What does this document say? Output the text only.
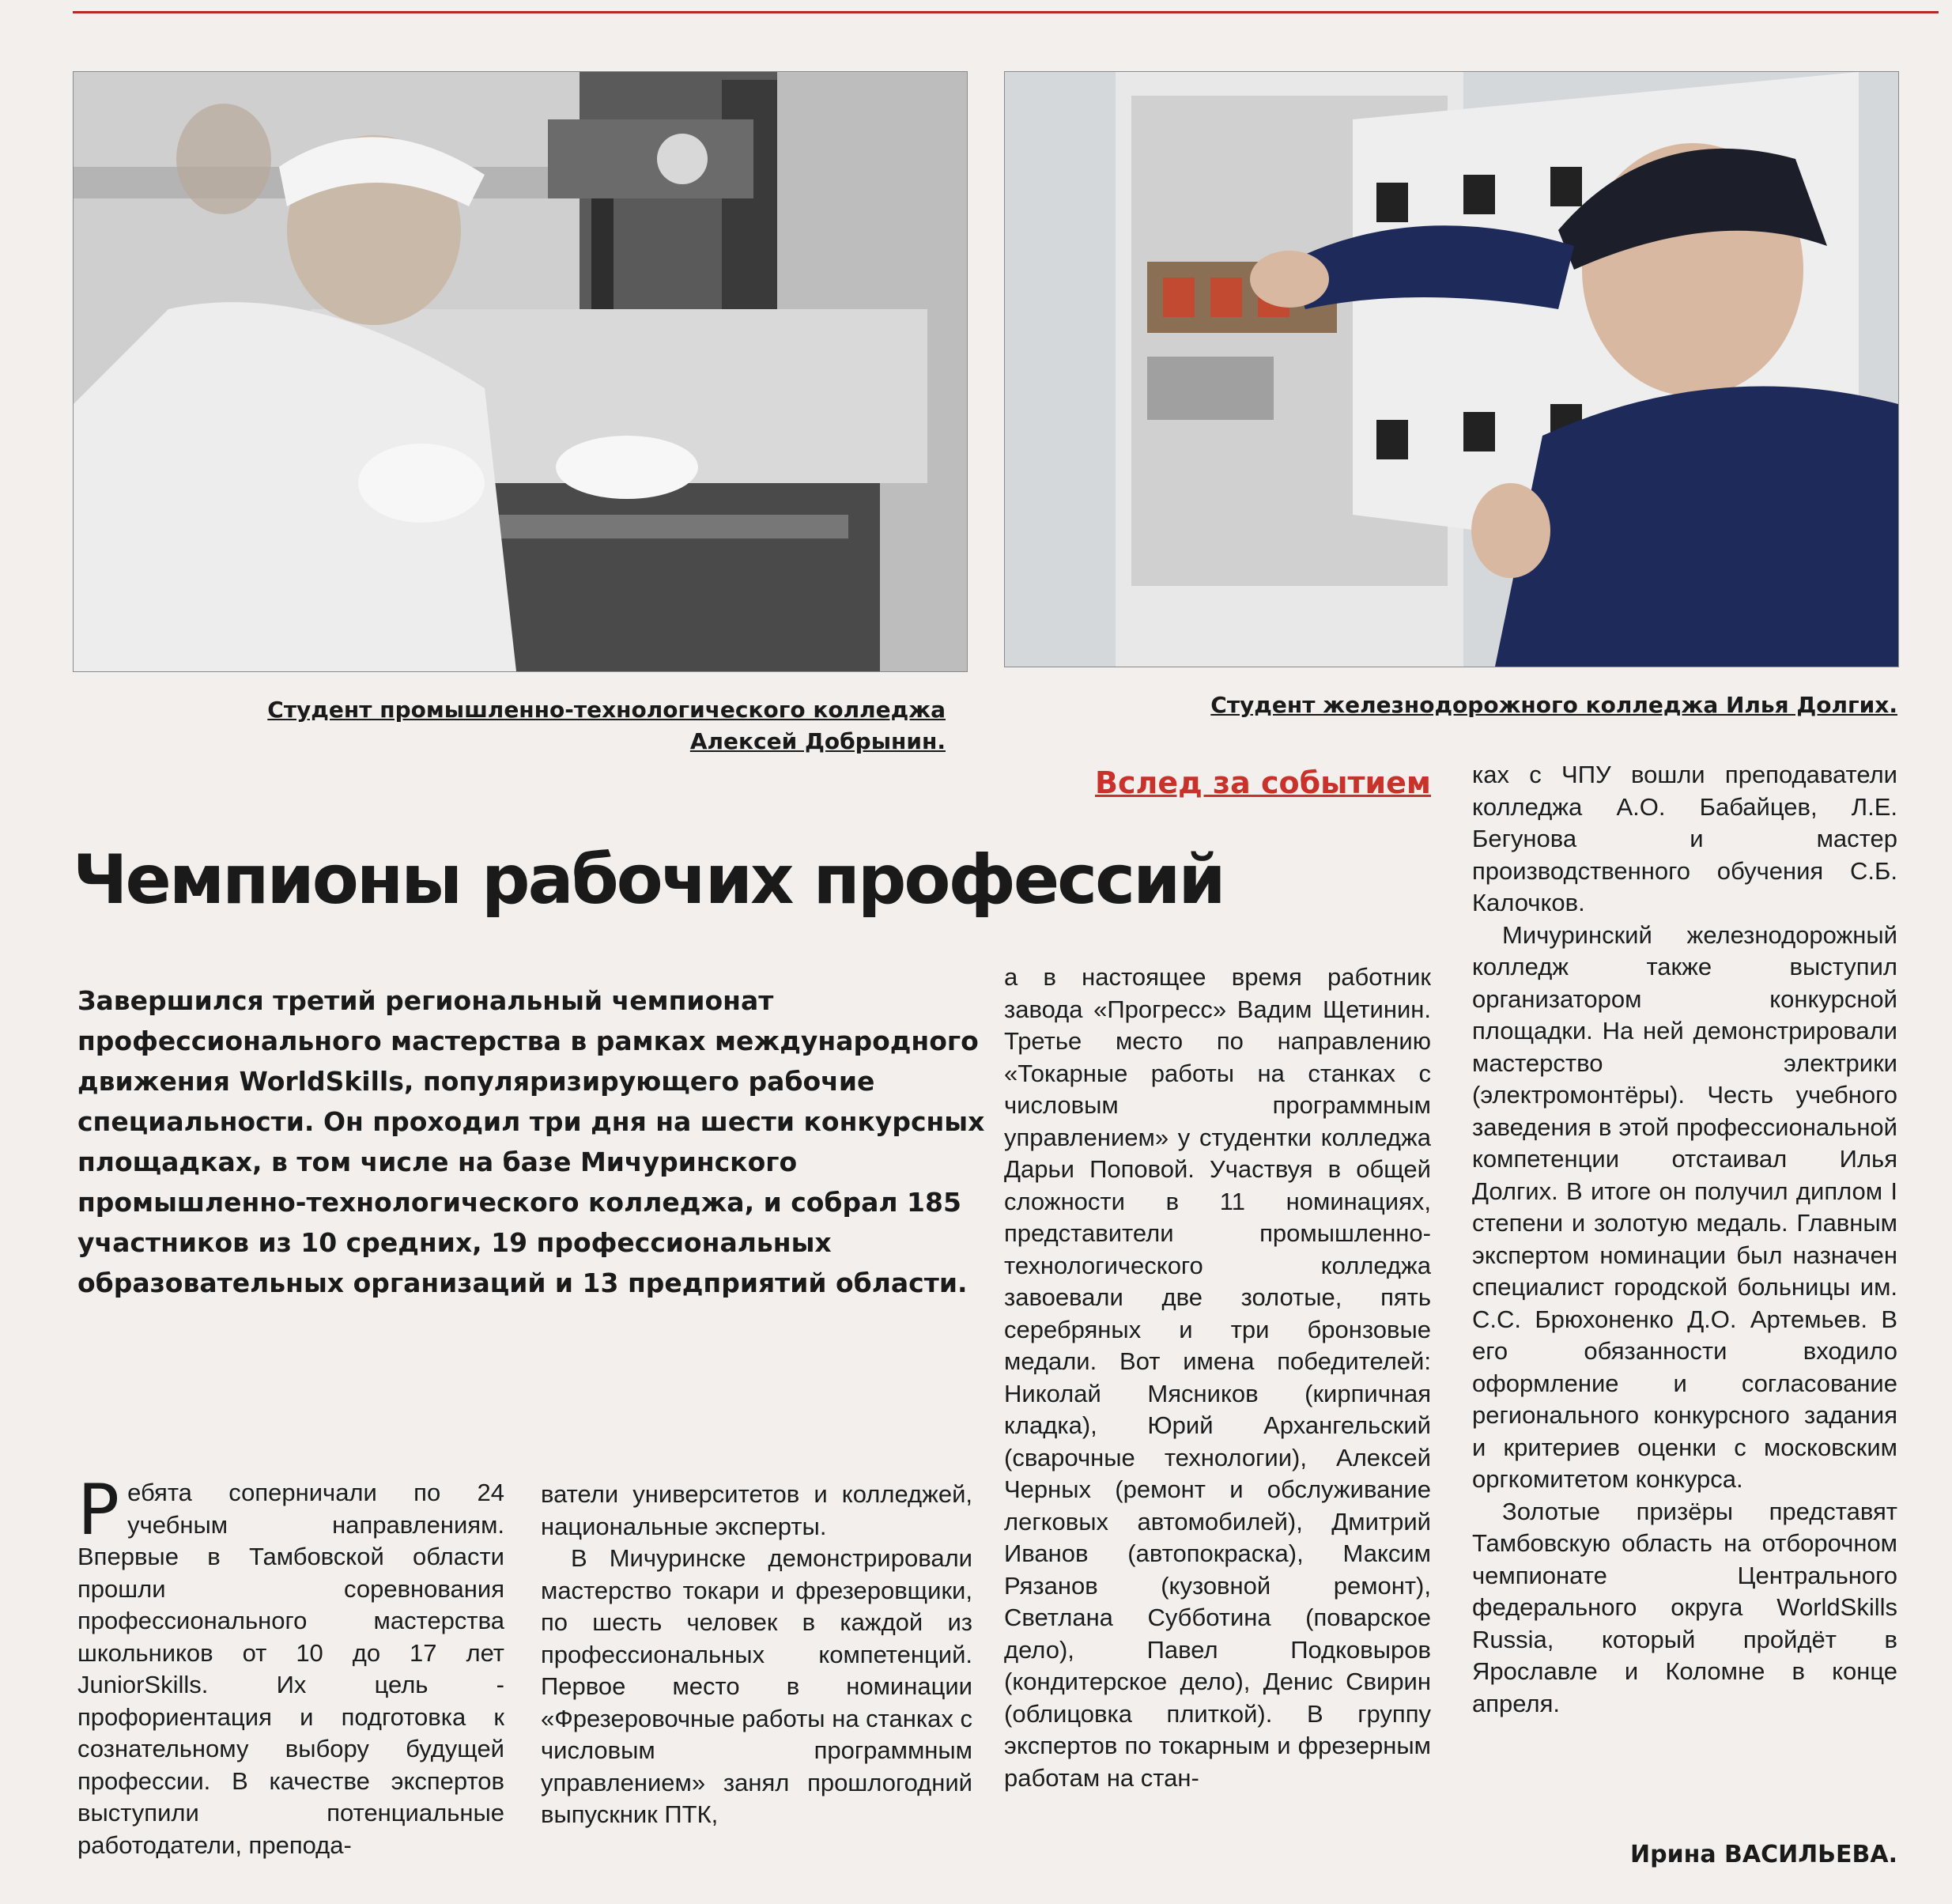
Студент промышленно-технологического колледжа
Алексей Добрынин.
Студент железнодорожного колледжа Илья Долгих.
Вслед за событием
Чемпионы рабочих профессий
Завершился третий региональный чемпионат профессионального мастерства в рамках международного движения WorldSkills, популяризирующего рабочие специальности. Он проходил три дня на шести конкурсных площадках, в том числе на базе Мичуринского промышленно-технологического колледжа, и собрал 185 участников из 10 средних, 19 профессиональных образовательных организаций и 13 предприятий области.

Ребята соперничали по 24 учебным направлениям. Впервые в Тамбовской области прошли соревнования профессионального мастерства школьников от 10 до 17 лет JuniorSkills. Их цель - профориентация и подготовка к сознательному выбору будущей профессии. В качестве экспертов выступили потенциальные работодатели, препода-

ватели университетов и колледжей, национальные эксперты.

В Мичуринске демонстрировали мастерство токари и фрезеровщики, по шесть человек в каждой из профессиональных компетенций. Первое место в номинации «Фрезеровочные работы на станках с числовым программным управлением» занял прошлогодний выпускник ПТК,

а в настоящее время работник завода «Прогресс» Вадим Щетинин. Третье место по направлению «Токарные работы на станках с числовым программным управлением» у студентки колледжа Дарьи Поповой. Участвуя в общей сложности в 11 номинациях, представители промышленно-технологического колледжа завоевали две золотые, пять серебряных и три бронзовые медали. Вот имена победителей: Николай Мясников (кирпичная кладка), Юрий Архангельский (сварочные технологии), Алексей Черных (ремонт и обслуживание легковых автомобилей), Дмитрий Иванов (автопокраска), Максим Рязанов (кузовной ремонт), Светлана Субботина (поварское дело), Павел Подковыров (кондитерское дело), Денис Свирин (облицовка плиткой). В группу экспертов по токарным и фрезерным работам на стан-

ках с ЧПУ вошли преподаватели колледжа А.О. Бабайцев, Л.Е. Бегунова и мастер производственного обучения С.Б. Калочков.

Мичуринский железнодорожный колледж также выступил организатором конкурсной площадки. На ней демонстрировали мастерство электрики (электромонтёры). Честь учебного заведения в этой профессиональной компетенции отстаивал Илья Долгих. В итоге он получил диплом I степени и золотую медаль. Главным экспертом номинации был назначен специалист городской больницы им. С.С. Брюхоненко Д.О. Артемьев. В его обязанности входило оформление и согласование регионального конкурсного задания и критериев оценки с московским оргкомитетом конкурса.

Золотые призёры представят Тамбовскую область на отборочном чемпионате Центрального федерального округа WorldSkills Russia, который пройдёт в Ярославле и Коломне в конце апреля.

Ирина ВАСИЛЬЕВА.
